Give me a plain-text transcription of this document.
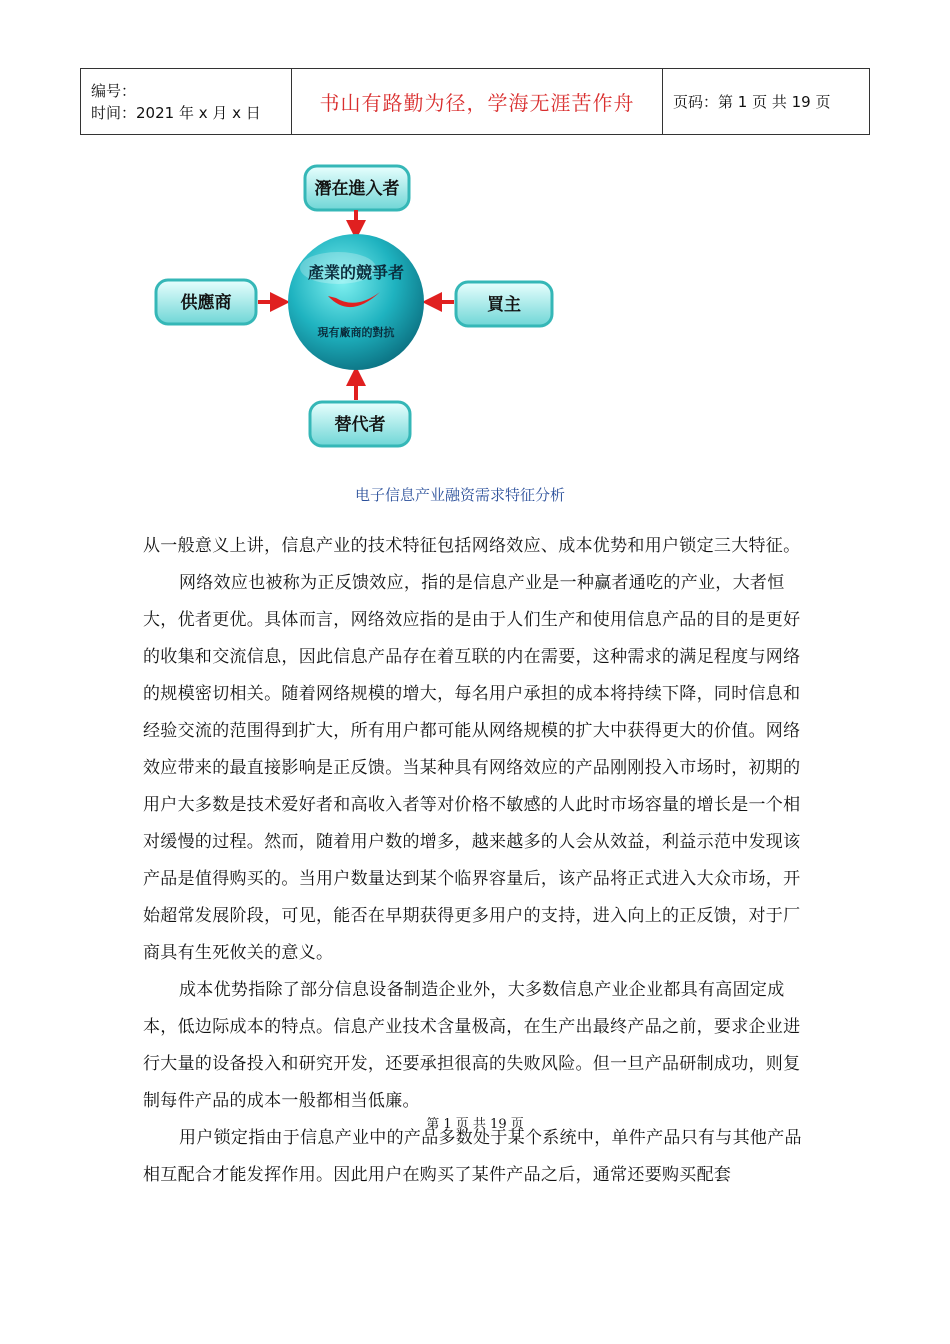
编号：
时间：2021 年 x 月 x 日	书山有路勤为径，学海无涯苦作舟	页码：第 1 页 共 19 页
潛在進入者
供應商	買主
替代者
產業的競爭者
現有廠商的對抗
电子信息产业融资需求特征分析

从一般意义上讲，信息产业的技术特征包括网络效应、成本优势和用户锁定三大特征。

网络效应也被称为正反馈效应，指的是信息产业是一种赢者通吃的产业，大者恒大，优者更优。具体而言，网络效应指的是由于人们生产和使用信息产品的目的是更好的收集和交流信息，因此信息产品存在着互联的内在需要，这种需求的满足程度与网络的规模密切相关。随着网络规模的增大，每名用户承担的成本将持续下降，同时信息和经验交流的范围得到扩大，所有用户都可能从网络规模的扩大中获得更大的价值。网络效应带来的最直接影响是正反馈。当某种具有网络效应的产品刚刚投入市场时，初期的用户大多数是技术爱好者和高收入者等对价格不敏感的人此时市场容量的增长是一个相对缓慢的过程。然而，随着用户数的增多，越来越多的人会从效益，利益示范中发现该产品是值得购买的。当用户数量达到某个临界容量后，该产品将正式进入大众市场，开始超常发展阶段，可见，能否在早期获得更多用户的支持，进入向上的正反馈，对于厂商具有生死攸关的意义。

成本优势指除了部分信息设备制造企业外，大多数信息产业企业都具有高固定成本，低边际成本的特点。信息产业技术含量极高，在生产出最终产品之前，要求企业进行大量的设备投入和研究开发，还要承担很高的失败风险。但一旦产品研制成功，则复制每件产品的成本一般都相当低廉。

用户锁定指由于信息产业中的产品多数处于某个系统中，单件产品只有与其他产品相互配合才能发挥作用。因此用户在购买了某件产品之后，通常还要购买配套

第 1 页 共 19 页
